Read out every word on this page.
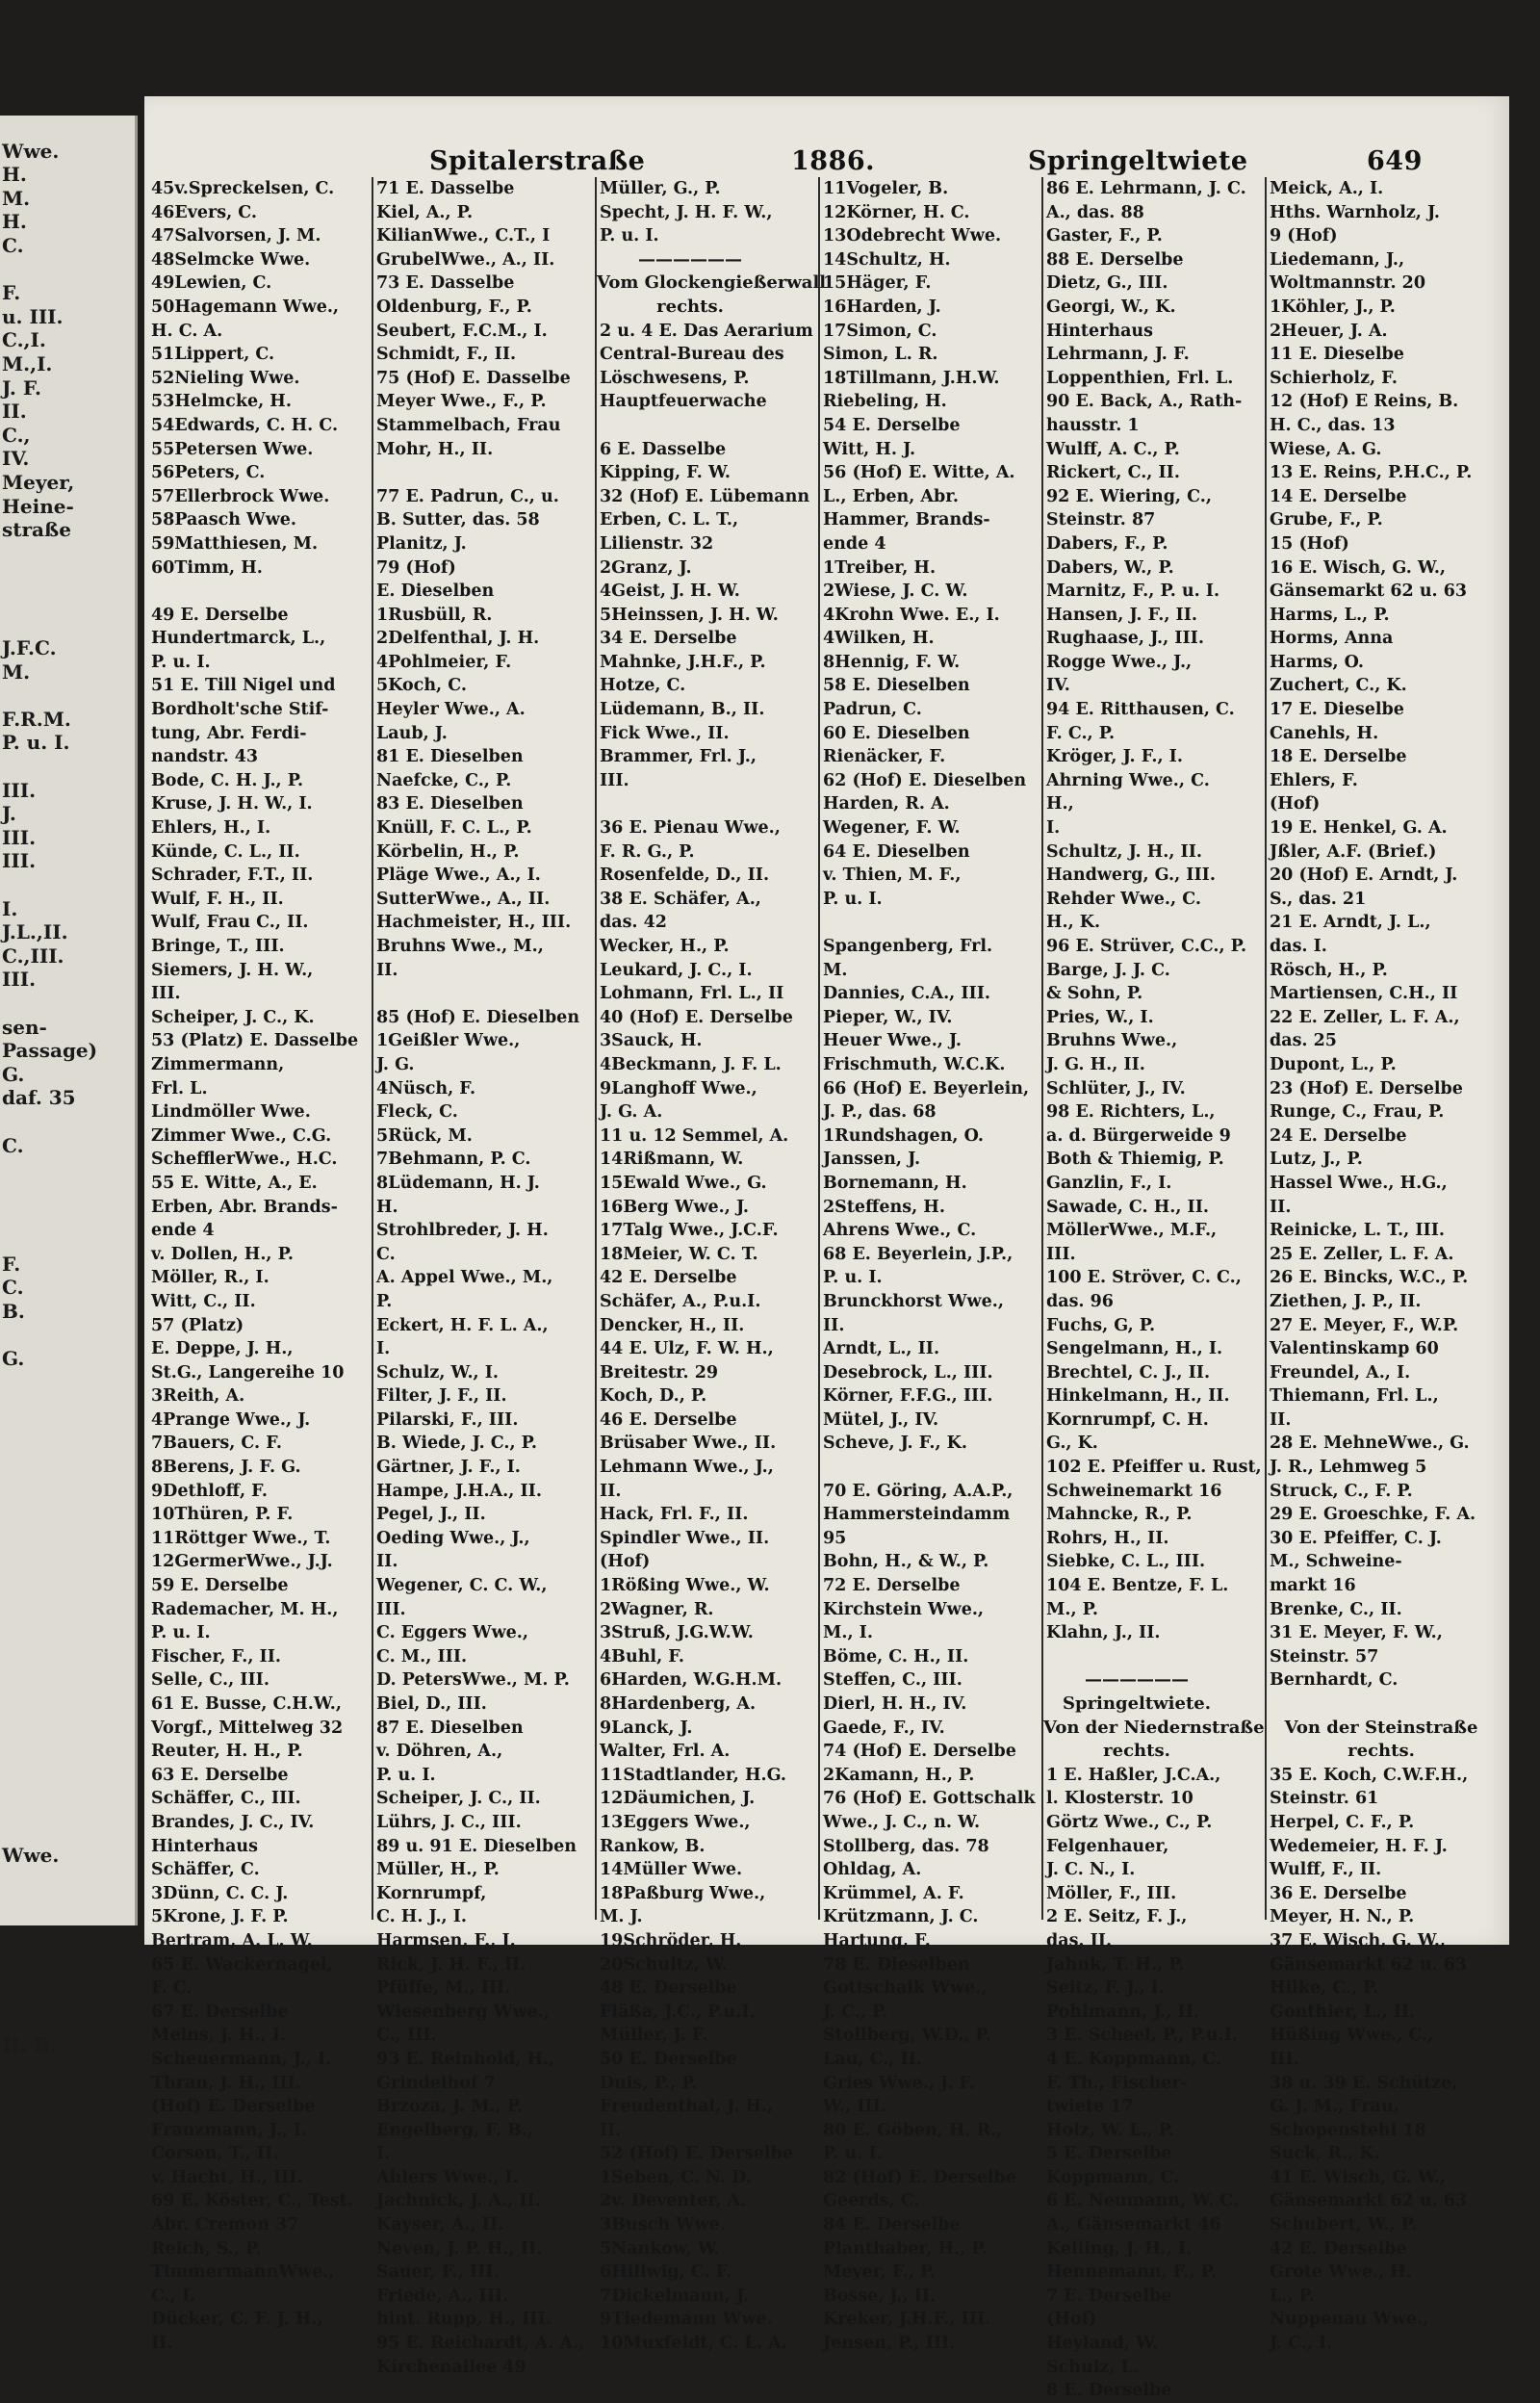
Wwe.
H.
M.
H.
C.
F.
u. III.
C.,I.
M.,I.
J. F.
II.
C.,
IV.
Meyer,
Heine-
straße
J.F.C.
M.
F.R.M.
P. u. I.
III.
J.
III.
III.
I.
J.L.,II.
C.,III.
III.
sen-
Passage)
G.
daf. 35
C.
F.
C.
B.
G.
Wwe.
H. B.
Spitalerstraße	1886.	Springeltwiete	649
45v.Spreckelsen, C.
46Evers, C.
47Salvorsen, J. M.
48Selmcke Wwe.
49Lewien, C.
50Hagemann Wwe.,
H. C. A.
51Lippert, C.
52Nieling Wwe.
53Helmcke, H.
54Edwards, C. H. C.
55Petersen Wwe.
56Peters, C.
57Ellerbrock Wwe.
58Paasch Wwe.
59Matthiesen, M.
60Timm, H.
49 E. Derselbe
Hundertmarck, L.,
P. u. I.
51 E. Till Nigel und
Bordholt'sche Stif-
tung, Abr. Ferdi-
nandstr. 43
Bode, C. H. J., P.
Kruse, J. H. W., I.
Ehlers, H., I.
Künde, C. L., II.
Schrader, F.T., II.
Wulf, F. H., II.
Wulf, Frau C., II.
Bringe, T., III.
Siemers, J. H. W.,
III.
Scheiper, J. C., K.
53 (Platz) E. Dasselbe
Zimmermann,
Frl. L.
Lindmöller Wwe.
Zimmer Wwe., C.G.
SchefflerWwe., H.C.
55 E. Witte, A., E.
Erben, Abr. Brands-
ende 4
v. Dollen, H., P.
Möller, R., I.
Witt, C., II.
57 (Platz)
E. Deppe, J. H.,
St.G., Langereihe 10
3Reith, A.
4Prange Wwe., J.
7Bauers, C. F.
8Berens, J. F. G.
9Dethloff, F.
10Thüren, P. F.
11Röttger Wwe., T.
12GermerWwe., J.J.
59 E. Derselbe
Rademacher, M. H.,
P. u. I.
Fischer, F., II.
Selle, C., III.
61 E. Busse, C.H.W.,
Vorgf., Mittelweg 32
Reuter, H. H., P.
63 E. Derselbe
Schäffer, C., III.
Brandes, J. C., IV.
Hinterhaus
Schäffer, C.
3Dünn, C. C. J.
5Krone, J. F. P.
Bertram, A. L. W.
65 E. Wackernagel,
F. C.
67 E. Derselbe
Meins, J. H., I.
Scheuermann, J., I.
Thran, J. H., III.
(Hof) E. Derselbe
Franzmann, J., I.
Corsen, T., II.
v. Hacht, H., III.
69 E. Köster, C., Test.
Abr. Cremon 37
Reich, S., P.
TimmermannWwe.,
C., I.
Dücker, C. F. J. H.,
II.
71 E. Dasselbe
Kiel, A., P.
KilianWwe., C.T., I
GrubelWwe., A., II.
73 E. Dasselbe
Oldenburg, F., P.
Seubert, F.C.M., I.
Schmidt, F., II.
75 (Hof) E. Dasselbe
Meyer Wwe., F., P.
Stammelbach, Frau
Mohr, H., II.
77 E. Padrun, C., u.
B. Sutter, das. 58
Planitz, J.
79 (Hof)
E. Dieselben
1Rusbüll, R.
2Delfenthal, J. H.
4Pohlmeier, F.
5Koch, C.
Heyler Wwe., A.
Laub, J.
81 E. Dieselben
Naefcke, C., P.
83 E. Dieselben
Knüll, F. C. L., P.
Körbelin, H., P.
Pläge Wwe., A., I.
SutterWwe., A., II.
Hachmeister, H., III.
Bruhns Wwe., M.,
II.
85 (Hof) E. Dieselben
1Geißler Wwe.,
J. G.
4Nüsch, F.
Fleck, C.
5Rück, M.
7Behmann, P. C.
8Lüdemann, H. J.
H.
Strohlbreder, J. H.
C.
A. Appel Wwe., M.,
P.
Eckert, H. F. L. A.,
I.
Schulz, W., I.
Filter, J. F., II.
Pilarski, F., III.
B. Wiede, J. C., P.
Gärtner, J. F., I.
Hampe, J.H.A., II.
Pegel, J., II.
Oeding Wwe., J.,
II.
Wegener, C. C. W.,
III.
C. Eggers Wwe.,
C. M., III.
D. PetersWwe., M. P.
Biel, D., III.
87 E. Dieselben
v. Döhren, A.,
P. u. I.
Scheiper, J. C., II.
Lührs, J. C., III.
89 u. 91 E. Dieselben
Müller, H., P.
Kornrumpf,
C. H. J., I.
Harmsen, F., I.
Rick, J. H. F., II.
Pfüffe, M., III.
Wiesenberg Wwe.,
C., III.
93 E. Reinhold, H.,
Grindelhof 7
Brzoza, J. M., P.
Engelberg, F. B.,
I.
Ahlers Wwe., I.
Jachnick, J. A., II.
Kayser, A., II.
Neven, J. P. H., II.
Sauer, F., III.
Friede, A., III.
hint. Rupp, H., III.
95 E. Reichardt, A. A.,
Kirchenallee 49
Müller, G., P.
Specht, J. H. F. W.,
P. u. I.
——————
Vom Glockengießerwall
rechts.
2 u. 4 E. Das Aerarium
Central-Bureau des
Löschwesens, P.
Hauptfeuerwache
6 E. Dasselbe
Kipping, F. W.
32 (Hof) E. Lübemann
Erben, C. L. T.,
Lilienstr. 32
2Granz, J.
4Geist, J. H. W.
5Heinssen, J. H. W.
34 E. Derselbe
Mahnke, J.H.F., P.
Hotze, C.
Lüdemann, B., II.
Fick Wwe., II.
Brammer, Frl. J.,
III.
36 E. Pienau Wwe.,
F. R. G., P.
Rosenfelde, D., II.
38 E. Schäfer, A.,
das. 42
Wecker, H., P.
Leukard, J. C., I.
Lohmann, Frl. L., II
40 (Hof) E. Derselbe
3Sauck, H.
4Beckmann, J. F. L.
9Langhoff Wwe.,
J. G. A.
11 u. 12 Semmel, A.
14Rißmann, W.
15Ewald Wwe., G.
16Berg Wwe., J.
17Talg Wwe., J.C.F.
18Meier, W. C. T.
42 E. Derselbe
Schäfer, A., P.u.I.
Dencker, H., II.
44 E. Ulz, F. W. H.,
Breitestr. 29
Koch, D., P.
46 E. Derselbe
Brüsaber Wwe., II.
Lehmann Wwe., J.,
II.
Hack, Frl. F., II.
Spindler Wwe., II.
(Hof)
1Rößing Wwe., W.
2Wagner, R.
3Struß, J.G.W.W.
4Buhl, F.
6Harden, W.G.H.M.
8Hardenberg, A.
9Lanck, J.
Walter, Frl. A.
11Stadtlander, H.G.
12Däumichen, J.
13Eggers Wwe.,
Rankow, B.
14Müller Wwe.
18Paßburg Wwe.,
M. J.
19Schröder, H.
20Schultz, W.
48 E. Derselbe
Fläßa, J.C., P.u.I.
Müller, J. F.
50 E. Derselbe
Duis, P., P.
Freudenthal, J. H.,
II.
52 (Hof) E. Derselbe
1Seben, C. N. D.
2v. Deventer, A.
3Busch Wwe.
5Nankow, W.
6Hillwig, C. F.
7Dickelmann, J.
9Tiedemann Wwe.
10Muxfeldt, C. L. A.
11Vogeler, B.
12Körner, H. C.
13Odebrecht Wwe.
14Schultz, H.
15Häger, F.
16Harden, J.
17Simon, C.
Simon, L. R.
18Tillmann, J.H.W.
Riebeling, H.
54 E. Derselbe
Witt, H. J.
56 (Hof) E. Witte, A.
L., Erben, Abr.
Hammer, Brands-
ende 4
1Treiber, H.
2Wiese, J. C. W.
4Krohn Wwe. E., I.
4Wilken, H.
8Hennig, F. W.
58 E. Dieselben
Padrun, C.
60 E. Dieselben
Rienäcker, F.
62 (Hof) E. Dieselben
Harden, R. A.
Wegener, F. W.
64 E. Dieselben
v. Thien, M. F.,
P. u. I.
Spangenberg, Frl.
M.
Dannies, C.A., III.
Pieper, W., IV.
Heuer Wwe., J.
Frischmuth, W.C.K.
66 (Hof) E. Beyerlein,
J. P., das. 68
1Rundshagen, O.
Janssen, J.
Bornemann, H.
2Steffens, H.
Ahrens Wwe., C.
68 E. Beyerlein, J.P.,
P. u. I.
Brunckhorst Wwe.,
II.
Arndt, L., II.
Desebrock, L., III.
Körner, F.F.G., III.
Mütel, J., IV.
Scheve, J. F., K.
70 E. Göring, A.A.P.,
Hammersteindamm
95
Bohn, H., & W., P.
72 E. Derselbe
Kirchstein Wwe.,
M., I.
Böme, C. H., II.
Steffen, C., III.
Dierl, H. H., IV.
Gaede, F., IV.
74 (Hof) E. Derselbe
2Kamann, H., P.
76 (Hof) E. Gottschalk
Wwe., J. C., n. W.
Stollberg, das. 78
Ohldag, A.
Krümmel, A. F.
Krützmann, J. C.
Hartung, F.
78 E. Dieselben
Gottschalk Wwe.,
J. C., P.
Stollberg, W.D., P.
Lau, C., II.
Gries Wwe., J. F.
W., III.
80 E. Göben, H. R.,
P. u. I.
82 (Hof) E. Derselbe
Geerds, C.
84 E. Derselbe
Planthaber, H., P.
Meyer, F., P.
Bosse, J., II.
Kreker, J.H.F., III.
Jensen, P., III.
86 E. Lehrmann, J. C.
A., das. 88
Gaster, F., P.
88 E. Derselbe
Dietz, G., III.
Georgi, W., K.
Hinterhaus
Lehrmann, J. F.
Loppenthien, Frl. L.
90 E. Back, A., Rath-
hausstr. 1
Wulff, A. C., P.
Rickert, C., II.
92 E. Wiering, C.,
Steinstr. 87
Dabers, F., P.
Dabers, W., P.
Marnitz, F., P. u. I.
Hansen, J. F., II.
Rughaase, J., III.
Rogge Wwe., J.,
IV.
94 E. Ritthausen, C.
F. C., P.
Kröger, J. F., I.
Ahrning Wwe., C.
H.,
I.
Schultz, J. H., II.
Handwerg, G., III.
Rehder Wwe., C.
H., K.
96 E. Strüver, C.C., P.
Barge, J. J. C.
& Sohn, P.
Pries, W., I.
Bruhns Wwe.,
J. G. H., II.
Schlüter, J., IV.
98 E. Richters, L.,
a. d. Bürgerweide 9
Both & Thiemig, P.
Ganzlin, F., I.
Sawade, C. H., II.
MöllerWwe., M.F.,
III.
100 E. Ströver, C. C.,
das. 96
Fuchs, G, P.
Sengelmann, H., I.
Brechtel, C. J., II.
Hinkelmann, H., II.
Kornrumpf, C. H.
G., K.
102 E. Pfeiffer u. Rust,
Schweinemarkt 16
Mahncke, R., P.
Rohrs, H., II.
Siebke, C. L., III.
104 E. Bentze, F. L.
M., P.
Klahn, J., II.
——————
Springeltwiete.
Von der Niedernstraße
rechts.
1 E. Haßler, J.C.A.,
l. Klosterstr. 10
Görtz Wwe., C., P.
Felgenhauer,
J. C. N., I.
Möller, F., III.
2 E. Seitz, F. J.,
das. II.
Jahnk, T. H., P.
Seitz, F. J., I.
Pohlmann, J., II.
3 E. Scheel, P., P.u.I.
4 E. Koppmann, C.
F. Th., Fischer-
twiete 17
Holz, W. L., P.
5 E. Derselbe
Koppmann, C.
6 E. Neumann, W. C.
A., Gänsemarkt 46
Kelling, J. H., I.
Hennemann, F., P.
7 E. Derselbe
(Hof)
Heyland, W.
Schulz, L.
8 E. Derselbe
Meick, A., I.
Hths. Warnholz, J.
9 (Hof)
Liedemann, J.,
Woltmannstr. 20
1Köhler, J., P.
2Heuer, J. A.
11 E. Dieselbe
Schierholz, F.
12 (Hof) E Reins, B.
H. C., das. 13
Wiese, A. G.
13 E. Reins, P.H.C., P.
14 E. Derselbe
Grube, F., P.
15 (Hof)
16 E. Wisch, G. W.,
Gänsemarkt 62 u. 63
Harms, L., P.
Horms, Anna
Harms, O.
Zuchert, C., K.
17 E. Dieselbe
Canehls, H.
18 E. Derselbe
Ehlers, F.
(Hof)
19 E. Henkel, G. A.
Jßler, A.F. (Brief.)
20 (Hof) E. Arndt, J.
S., das. 21
21 E. Arndt, J. L.,
das. I.
Rösch, H., P.
Martiensen, C.H., II
22 E. Zeller, L. F. A.,
das. 25
Dupont, L., P.
23 (Hof) E. Derselbe
Runge, C., Frau, P.
24 E. Derselbe
Lutz, J., P.
Hassel Wwe., H.G.,
II.
Reinicke, L. T., III.
25 E. Zeller, L. F. A.
26 E. Bincks, W.C., P.
Ziethen, J. P., II.
27 E. Meyer, F., W.P.
Valentinskamp 60
Freundel, A., I.
Thiemann, Frl. L.,
II.
28 E. MehneWwe., G.
J. R., Lehmweg 5
Struck, C., F. P.
29 E. Groeschke, F. A.
30 E. Pfeiffer, C. J.
M., Schweine-
markt 16
Brenke, C., II.
31 E. Meyer, F. W.,
Steinstr. 57
Bernhardt, C.
Von der Steinstraße
rechts.
35 E. Koch, C.W.F.H.,
Steinstr. 61
Herpel, C. F., P.
Wedemeier, H. F. J.
Wulff, F., II.
36 E. Derselbe
Meyer, H. N., P.
37 E. Wisch, G. W.,
Gänsemarkt 62 u. 63
Hilke, C., P.
Gonthier, L., II.
Hüßing Wwe., C.,
III.
38 u. 39 E. Schütze,
G. J. M., Frau,
Schopenstehl 18
Suck, R., K.
41 E. Wisch, G. W.,
Gänsemarkt 62 u. 63
Schubert, W., P.
42 E. Derselbe
Grote Wwe., H.
L., P.
Nuppenau Wwe.,
J. C., I.
